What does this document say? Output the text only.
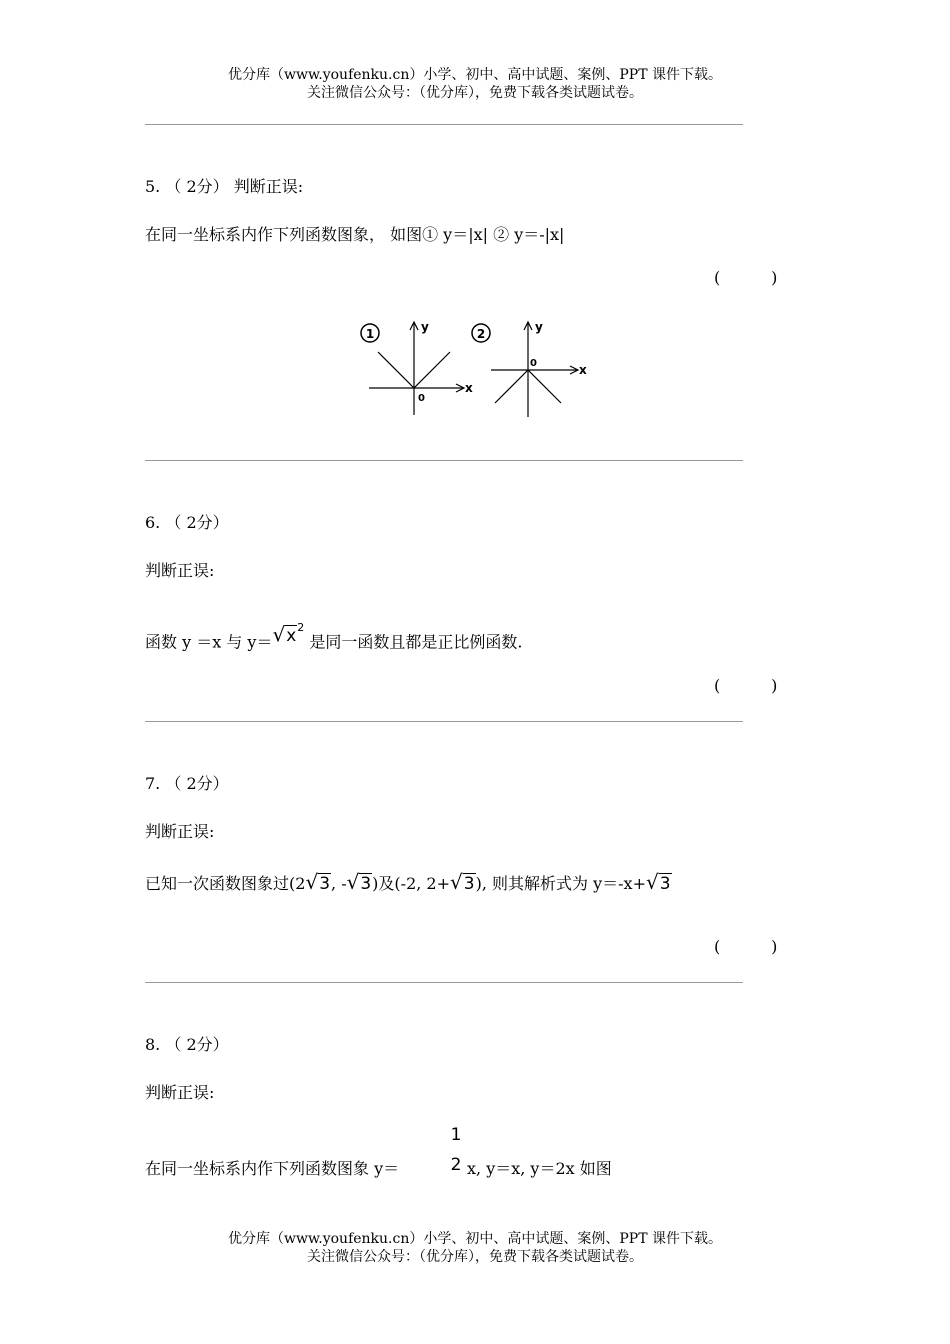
优分库（www.youfenku.cn）小学、初中、高中试题、案例、PPT 课件下载。
关注微信公众号：（优分库），免费下载各类试题试卷。
5. （ 2分） 判断正误:
在同一坐标系内作下列函数图象， 如图① y＝|x| ② y＝-|x|
(          )
1
x
y
0
2
x
y
0
6. （ 2分）
判断正误:
函数 y ＝x 与 $y=√x^2$ 是同一函数且都是正比例函数.
(          )
7. （ 2分）
判断正误:
已知一次函数图象过(2√3, -√3)及(-2, 2+√3), 则其解析式为 y＝-x+√3
(          )
8. （ 2分）
判断正误:
在同一坐标系内作下列函数图象 y＝
1
2 x, y＝x, y＝2x 如图
优分库（www.youfenku.cn）小学、初中、高中试题、案例、PPT 课件下载。
关注微信公众号：（优分库），免费下载各类试题试卷。
